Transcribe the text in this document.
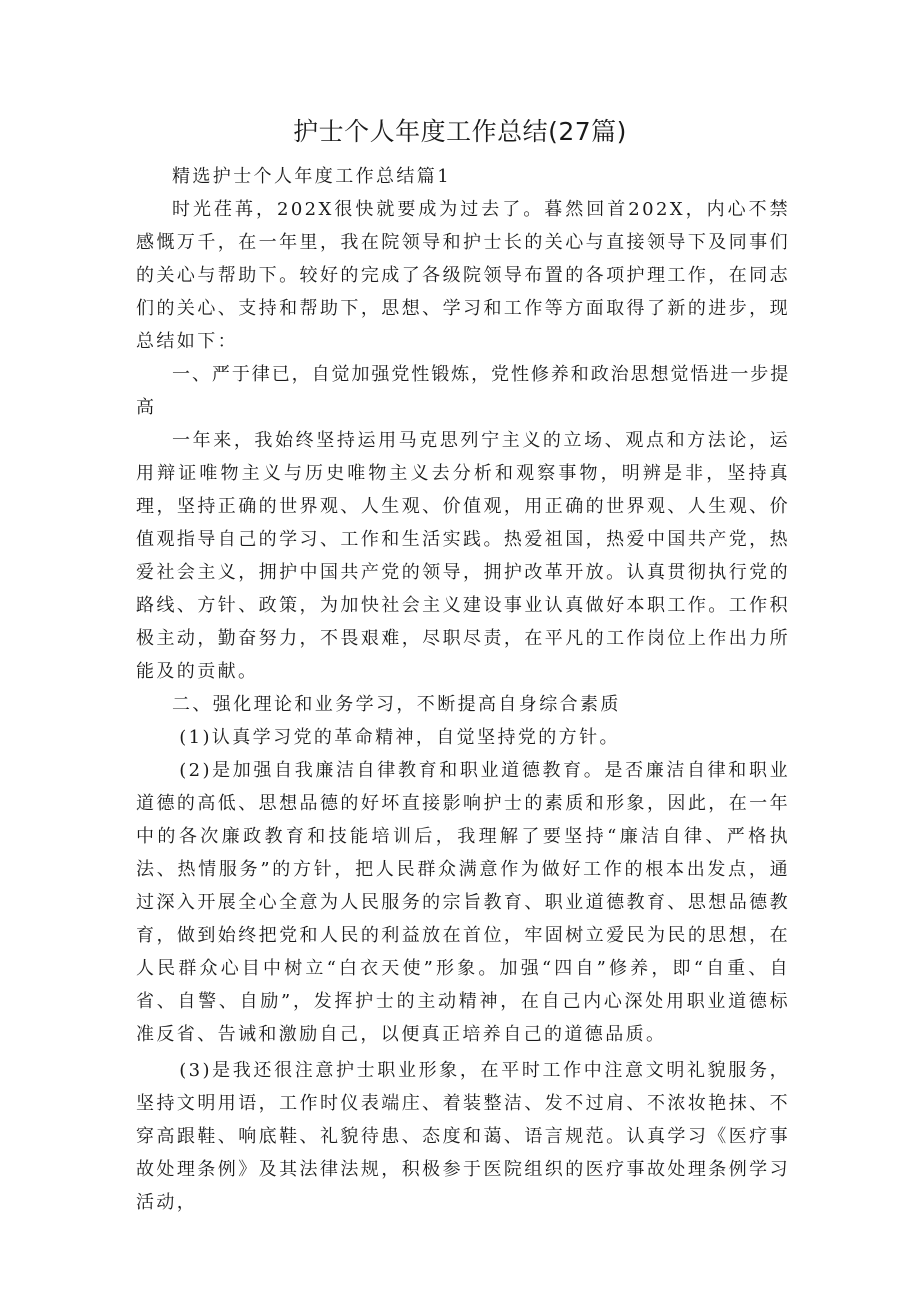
护士个人年度工作总结(27篇)

精选护士个人年度工作总结篇1

时光荏苒，202X很快就要成为过去了。暮然回首202X，内心不禁感慨万千，在一年里，我在院领导和护士长的关心与直接领导下及同事们的关心与帮助下。较好的完成了各级院领导布置的各项护理工作，在同志们的关心、支持和帮助下，思想、学习和工作等方面取得了新的进步，现总结如下：

一、严于律已，自觉加强党性锻炼，党性修养和政治思想觉悟进一步提高

一年来，我始终坚持运用马克思列宁主义的立场、观点和方法论，运用辩证唯物主义与历史唯物主义去分析和观察事物，明辨是非，坚持真理，坚持正确的世界观、人生观、价值观，用正确的世界观、人生观、价值观指导自己的学习、工作和生活实践。热爱祖国，热爱中国共产党，热爱社会主义，拥护中国共产党的领导，拥护改革开放。认真贯彻执行党的路线、方针、政策，为加快社会主义建设事业认真做好本职工作。工作积极主动，勤奋努力，不畏艰难，尽职尽责，在平凡的工作岗位上作出力所能及的贡献。

二、强化理论和业务学习，不断提高自身综合素质

(1)认真学习党的革命精神，自觉坚持党的方针。

(2)是加强自我廉洁自律教育和职业道德教育。是否廉洁自律和职业道德的高低、思想品德的好坏直接影响护士的素质和形象，因此，在一年中的各次廉政教育和技能培训后，我理解了要坚持“廉洁自律、严格执法、热情服务”的方针，把人民群众满意作为做好工作的根本出发点，通过深入开展全心全意为人民服务的宗旨教育、职业道德教育、思想品德教育，做到始终把党和人民的利益放在首位，牢固树立爱民为民的思想，在人民群众心目中树立“白衣天使”形象。加强“四自”修养，即“自重、自省、自警、自励”，发挥护士的主动精神，在自己内心深处用职业道德标准反省、告诫和激励自己，以便真正培养自己的道德品质。

(3)是我还很注意护士职业形象，在平时工作中注意文明礼貌服务，坚持文明用语，工作时仪表端庄、着装整洁、发不过肩、不浓妆艳抹、不穿高跟鞋、响底鞋、礼貌待患、态度和蔼、语言规范。认真学习《医疗事故处理条例》及其法律法规，积极参于医院组织的医疗事故处理条例学习活动，
